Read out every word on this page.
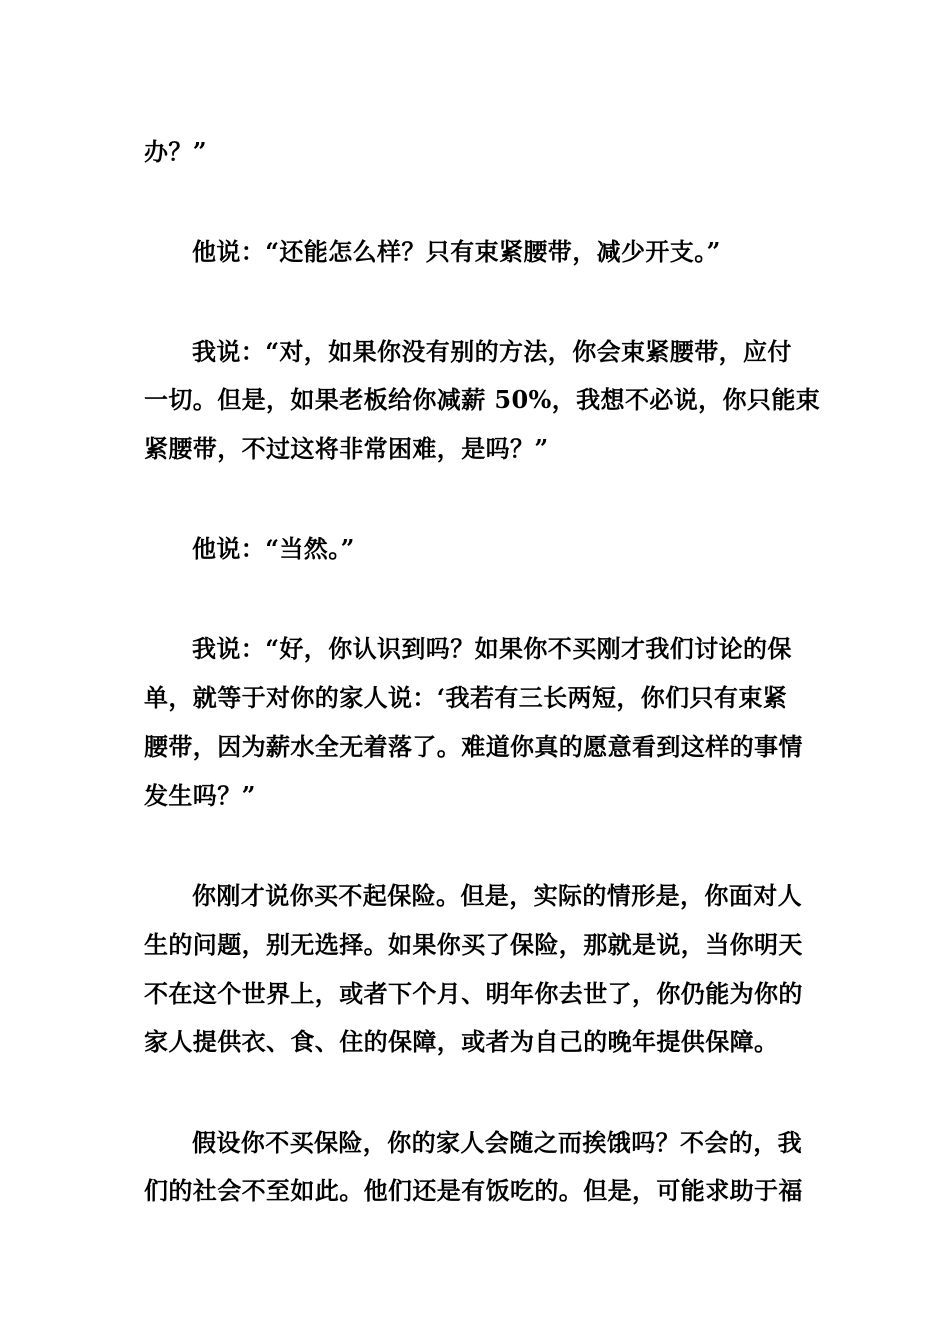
办？”
他说：“还能怎么样？只有束紧腰带，减少开支。”
我说：“对，如果你没有别的方法，你会束紧腰带，应付
一切。但是，如果老板给你减薪 50%，我想不必说，你只能束
紧腰带，不过这将非常困难，是吗？”
他说：“当然。”
我说：“好，你认识到吗？如果你不买刚才我们讨论的保
单，就等于对你的家人说：‘我若有三长两短，你们只有束紧
腰带，因为薪水全无着落了。难道你真的愿意看到这样的事情
发生吗？”
你刚才说你买不起保险。但是，实际的情形是，你面对人
生的问题，别无选择。如果你买了保险，那就是说，当你明天
不在这个世界上，或者下个月、明年你去世了，你仍能为你的
家人提供衣、食、住的保障，或者为自己的晚年提供保障。
假设你不买保险，你的家人会随之而挨饿吗？不会的，我
们的社会不至如此。他们还是有饭吃的。但是，可能求助于福
